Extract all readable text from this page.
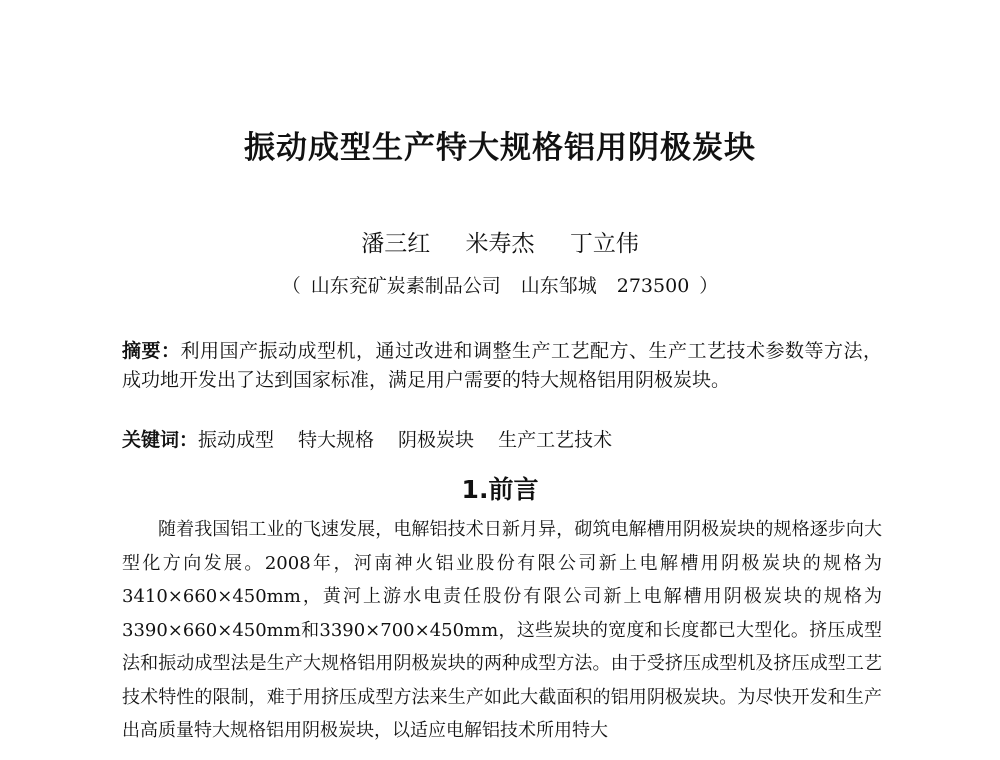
振动成型生产特大规格铝用阴极炭块
潘三红 米寿杰 丁立伟
（ 山东兖矿炭素制品公司 山东邹城 273500 ）
摘要：利用国产振动成型机，通过改进和调整生产工艺配方、生产工艺技术参数等方法，成功地开发出了达到国家标准，满足用户需要的特大规格铝用阴极炭块。
关键词：振动成型 特大规格 阴极炭块 生产工艺技术
1.前言

随着我国铝工业的飞速发展，电解铝技术日新月异，砌筑电解槽用阴极炭块的规格逐步向大型化方向发展。2008年，河南神火铝业股份有限公司新上电解槽用阴极炭块的规格为3410×660×450mm，黄河上游水电责任股份有限公司新上电解槽用阴极炭块的规格为3390×660×450mm和3390×700×450mm，这些炭块的宽度和长度都已大型化。挤压成型法和振动成型法是生产大规格铝用阴极炭块的两种成型方法。由于受挤压成型机及挤压成型工艺技术特性的限制，难于用挤压成型方法来生产如此大截面积的铝用阴极炭块。为尽快开发和生产出高质量特大规格铝用阴极炭块，以适应电解铝技术所用特大
